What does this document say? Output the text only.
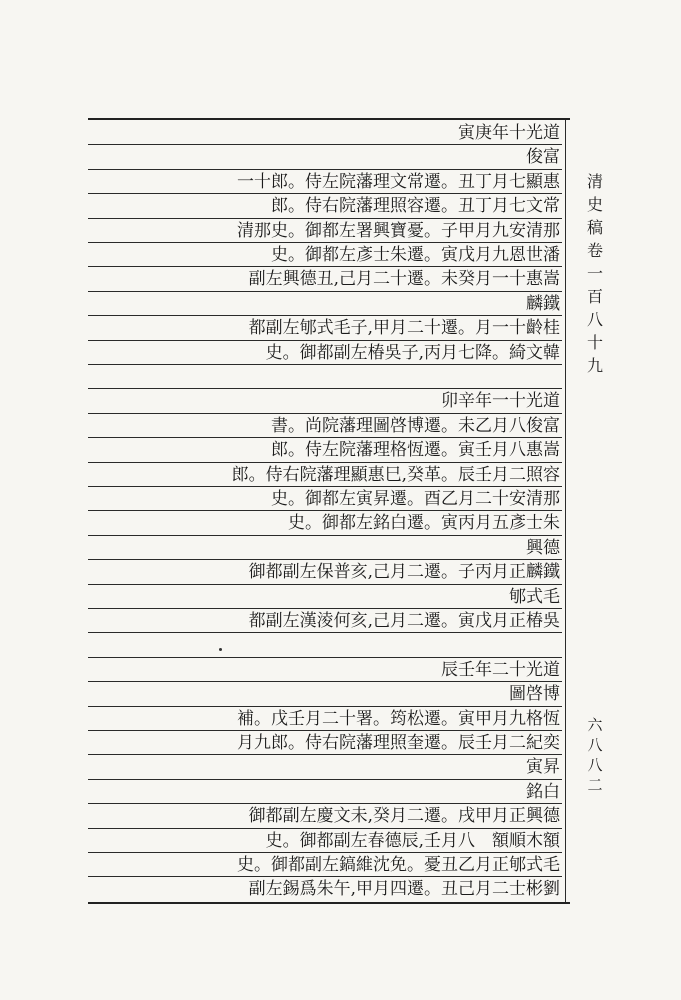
寅庚年十光道
俊富
一十郎。侍左院藩理文常遷。丑丁月七顯惠
郎。侍右院藩理照容遷。丑丁月七文常
清那史。御都左署興寶憂。子甲月九安清那
史。御都左彥士朱遷。寅戊月九恩世潘
副左興德丑,己月二十遷。未癸月一十惠嵩
麟鐵
都副左郇式毛子,甲月二十遷。月一十齡桂
史。御都副左椿吳子,丙月七降。綺文韓
卯辛年一十光道
書。尚院藩理圖啓博遷。未乙月八俊富
郎。侍左院藩理格恆遷。寅壬月八惠嵩
郎。侍右院藩理顯惠巳,癸革。辰壬月二照容
史。御都左寅昇遷。酉乙月二十安清那
史。御都左銘白遷。寅丙月五彥士朱
興德
御都副左保普亥,己月二遷。子丙月正麟鐵
郇式毛
都副左漢淩何亥,己月二遷。寅戊月正椿吳
辰壬年二十光道
圖啓博
補。戊壬月二十署。筠松遷。寅甲月九格恆
月九郎。侍右院藩理照奎遷。辰壬月二紀奕
寅昇
銘白
御都副左慶文未,癸月二遷。戌甲月正興德
史。御都副左春德辰,壬月八　額順木額
史。御都副左鎬維沈免。憂丑乙月正郇式毛
副左錫爲朱午,甲月四遷。丑己月二士彬劉
清史稿卷一百八十九
六八八二
